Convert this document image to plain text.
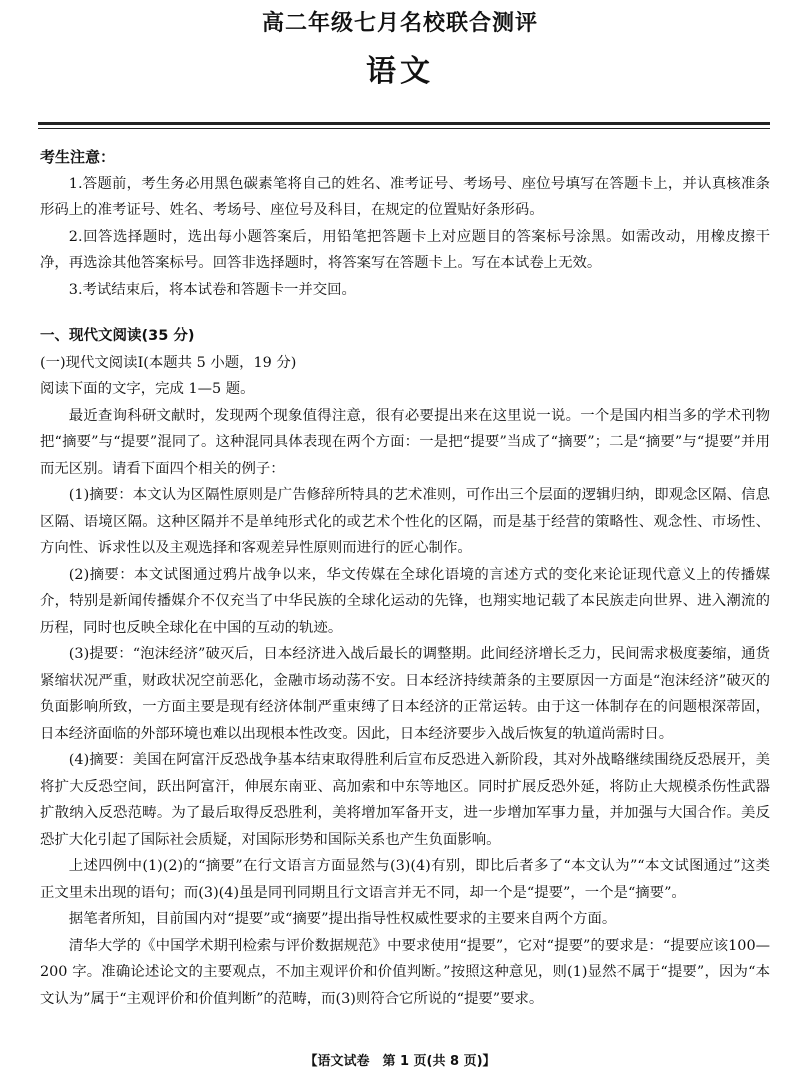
高二年级七月名校联合测评
语文
考生注意：

1.答题前，考生务必用黑色碳素笔将自己的姓名、准考证号、考场号、座位号填写在答题卡上，并认真核准条形码上的准考证号、姓名、考场号、座位号及科目，在规定的位置贴好条形码。

2.回答选择题时，选出每小题答案后，用铅笔把答题卡上对应题目的答案标号涂黑。如需改动，用橡皮擦干净，再选涂其他答案标号。回答非选择题时，将答案写在答题卡上。写在本试卷上无效。

3.考试结束后，将本试卷和答题卡一并交回。

一、现代文阅读(35 分)

(一)现代文阅读Ⅰ(本题共 5 小题，19 分)

阅读下面的文字，完成 1—5 题。

最近查询科研文献时，发现两个现象值得注意，很有必要提出来在这里说一说。一个是国内相当多的学术刊物把“摘要”与“提要”混同了。这种混同具体表现在两个方面：一是把“提要”当成了“摘要”；二是“摘要”与“提要”并用而无区别。请看下面四个相关的例子：

(1)摘要：本文认为区隔性原则是广告修辞所特具的艺术准则，可作出三个层面的逻辑归纳，即观念区隔、信息区隔、语境区隔。这种区隔并不是单纯形式化的或艺术个性化的区隔，而是基于经营的策略性、观念性、市场性、方向性、诉求性以及主观选择和客观差异性原则而进行的匠心制作。

(2)摘要：本文试图通过鸦片战争以来，华文传媒在全球化语境的言述方式的变化来论证现代意义上的传播媒介，特别是新闻传播媒介不仅充当了中华民族的全球化运动的先锋，也翔实地记载了本民族走向世界、进入潮流的历程，同时也反映全球化在中国的互动的轨迹。

(3)提要：“泡沫经济”破灭后，日本经济进入战后最长的调整期。此间经济增长乏力，民间需求极度萎缩，通货紧缩状况严重，财政状况空前恶化，金融市场动荡不安。日本经济持续萧条的主要原因一方面是“泡沫经济”破灭的负面影响所致，一方面主要是现有经济体制严重束缚了日本经济的正常运转。由于这一体制存在的问题根深蒂固，日本经济面临的外部环境也难以出现根本性改变。因此，日本经济要步入战后恢复的轨道尚需时日。

(4)摘要：美国在阿富汗反恐战争基本结束取得胜利后宣布反恐进入新阶段，其对外战略继续围绕反恐展开，美将扩大反恐空间，跃出阿富汗，伸展东南亚、高加索和中东等地区。同时扩展反恐外延，将防止大规模杀伤性武器扩散纳入反恐范畴。为了最后取得反恐胜利，美将增加军备开支，进一步增加军事力量，并加强与大国合作。美反恐扩大化引起了国际社会质疑，对国际形势和国际关系也产生负面影响。

上述四例中(1)(2)的“摘要”在行文语言方面显然与(3)(4)有别，即比后者多了“本文认为”“本文试图通过”这类正文里未出现的语句；而(3)(4)虽是同刊同期且行文语言并无不同，却一个是“提要”，一个是“摘要”。

据笔者所知，目前国内对“提要”或“摘要”提出指导性权威性要求的主要来自两个方面。

清华大学的《中国学术期刊检索与评价数据规范》中要求使用“提要”，它对“提要”的要求是：“提要应该100—200 字。准确论述论文的主要观点，不加主观评价和价值判断。”按照这种意见，则(1)显然不属于“提要”，因为“本文认为”属于“主观评价和价值判断”的范畴，而(3)则符合它所说的“提要”要求。

【语文试卷　第 1 页(共 8 页)】
